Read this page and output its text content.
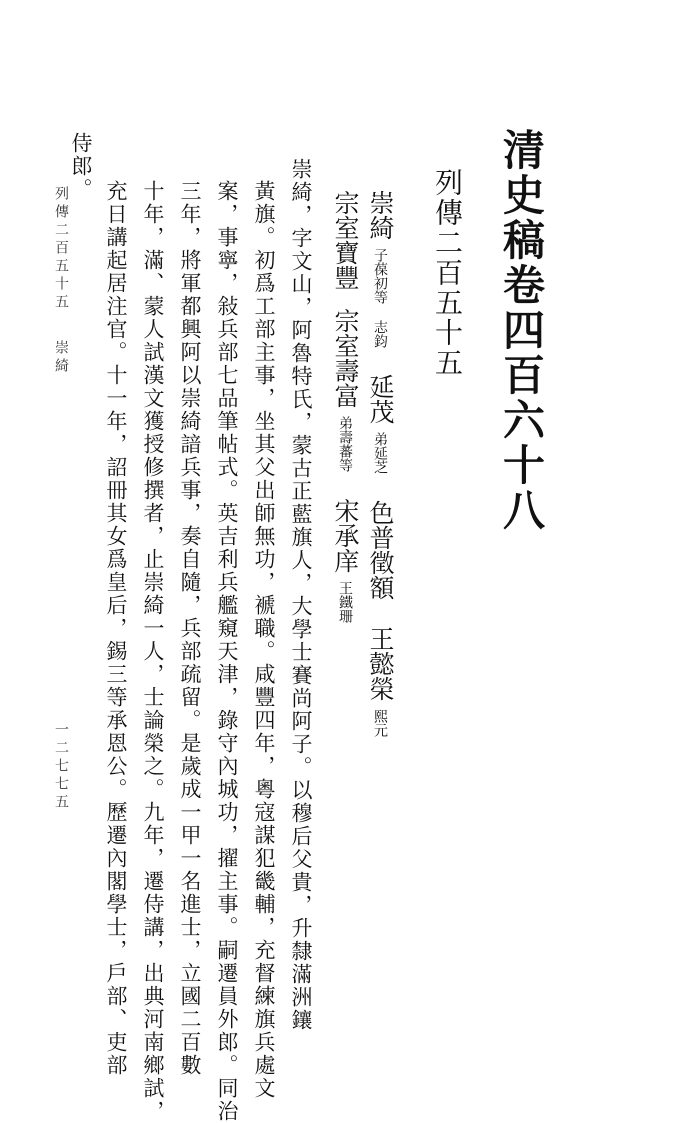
清史稿卷四百六十八
列傳二百五十五
崇綺子葆初等 志鈞延茂弟延芝色普徵額王懿榮熙元
宗室寶豐宗室壽富弟壽蕃等宋承庠王鐵珊
崇綺，字文山，阿魯特氏，蒙古正藍旗人，大學士賽尚阿子。以穆后父貴，升隸滿洲鑲
黃旗。初爲工部主事，坐其父出師無功，褫職。咸豐四年，粵寇謀犯畿輔，充督練旗兵處文
案，事寧，敍兵部七品筆帖式。英吉利兵艦窺天津，錄守內城功，擢主事。嗣遷員外郎。同治
三年，將軍都興阿以崇綺諳兵事，奏自隨，兵部疏留。是歲成一甲一名進士，立國二百數
十年，滿、蒙人試漢文獲授修撰者，止崇綺一人，士論榮之。九年，遷侍講，出典河南鄉試，
充日講起居注官。十一年，詔冊其女爲皇后，錫三等承恩公。歷遷內閣學士，戶部、吏部
侍郎。
列傳二百五十五崇綺
一二七七五
